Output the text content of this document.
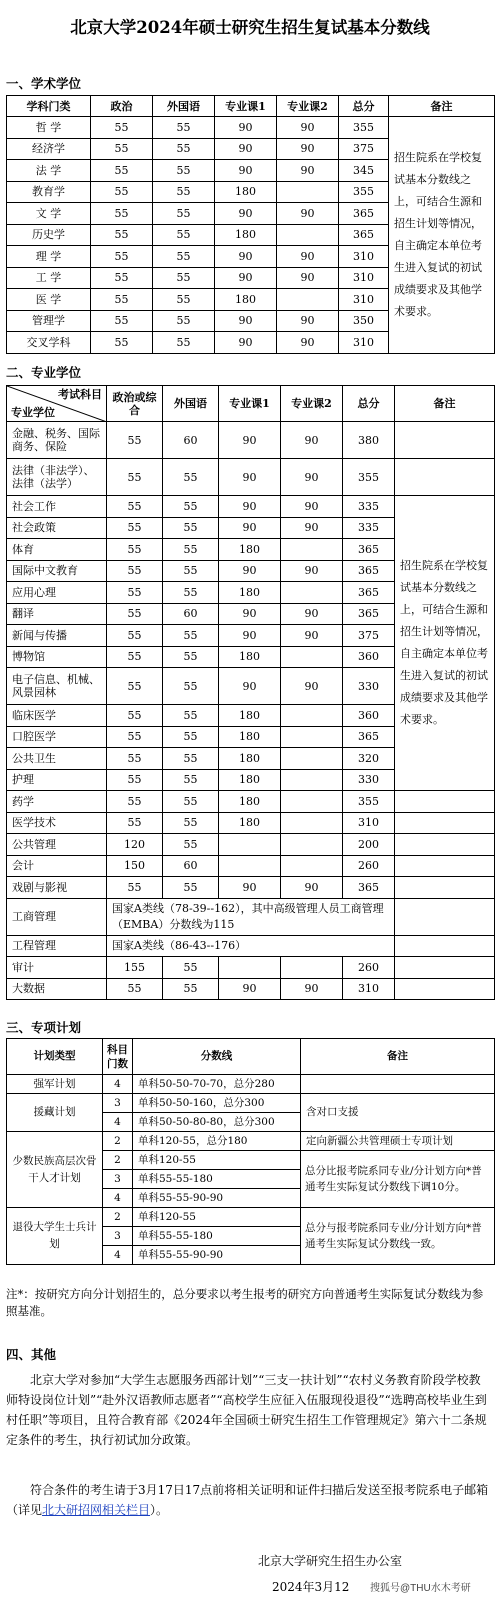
北京大学2024年硕士研究生招生复试基本分数线
一、学术学位
学科门类	政治	外国语	专业课1	专业课2	总分	备注
哲 学	55	55	90	90	355	招生院系在学校复试基本分数线之上，可结合生源和招生计划等情况，自主确定本单位考生进入复试的初试成绩要求及其他学术要求。
经济学	55	55	90	90	375	
法 学	55	55	90	90	345	
教育学	55	55	180		355	
文 学	55	55	90	90	365	
历史学	55	55	180		365	
理 学	55	55	90	90	310	
工 学	55	55	90	90	310	
医 学	55	55	180		310	
管理学	55	55	90	90	350	
交叉学科	55	55	90	90	310	
二、专业学位
考试科目
专业学位	政治或综合	外国语	专业课1	专业课2	总分	备注
金融、税务、国际商务、保险	55	60	90	90	380	
法律（非法学）、法律（法学）	55	55	90	90	355	
社会工作	55	55	90	90	335	招生院系在学校复试基本分数线之上，可结合生源和招生计划等情况，自主确定本单位考生进入复试的初试成绩要求及其他学术要求。
社会政策	55	55	90	90	335	
体育	55	55	180		365	
国际中文教育	55	55	90	90	365	
应用心理	55	55	180		365	
翻译	55	60	90	90	365	
新闻与传播	55	55	90	90	375	
博物馆	55	55	180		360	
电子信息、机械、风景园林	55	55	90	90	330	
临床医学	55	55	180		360	
口腔医学	55	55	180		365	
公共卫生	55	55	180		320	
护理	55	55	180		330	
药学	55	55	180		355	
医学技术	55	55	180		310	
公共管理	120	55			200	
会计	150	60			260	
戏剧与影视	55	55	90	90	365	
工商管理	国家A类线（78-39--162），其中高级管理人员工商管理（EMBA）分数线为115					
工程管理	国家A类线（86-43--176）					
审计	155	55			260	
大数据	55	55	90	90	310	
三、专项计划
计划类型	科目门数	分数线	备注
强军计划	4	单科50-50-70-70，总分280	
援藏计划	3	单科50-50-160，总分300	含对口支援
	4	单科50-50-80-80，总分300	
少数民族高层次骨干人才计划	2	单科120-55，总分180	定向新疆公共管理硕士专项计划
	2	单科120-55	总分比报考院系同专业/分计划方向*普通考生实际复试分数线下调10分。
	3	单科55-55-180	
	4	单科55-55-90-90	
退役大学生士兵计划	2	单科120-55	总分与报考院系同专业/分计划方向*普通考生实际复试分数线一致。
	3	单科55-55-180	
	4	单科55-55-90-90	
注*：按研究方向分计划招生的，总分要求以考生报考的研究方向普通考生实际复试分数线为参照基准。
四、其他
北京大学对参加“大学生志愿服务西部计划”“三支一扶计划”“农村义务教育阶段学校教师特设岗位计划”“赴外汉语教师志愿者”“高校学生应征入伍服现役退役”“选聘高校毕业生到村任职”等项目，且符合教育部《2024年全国硕士研究生招生工作管理规定》第六十二条规定条件的考生，执行初试加分政策。
符合条件的考生请于3月17日17点前将相关证明和证件扫描后发送至报考院系电子邮箱（详见北大研招网相关栏目）。
北京大学研究生招生办公室
2024年3月12 搜狐号@THU水木考研
